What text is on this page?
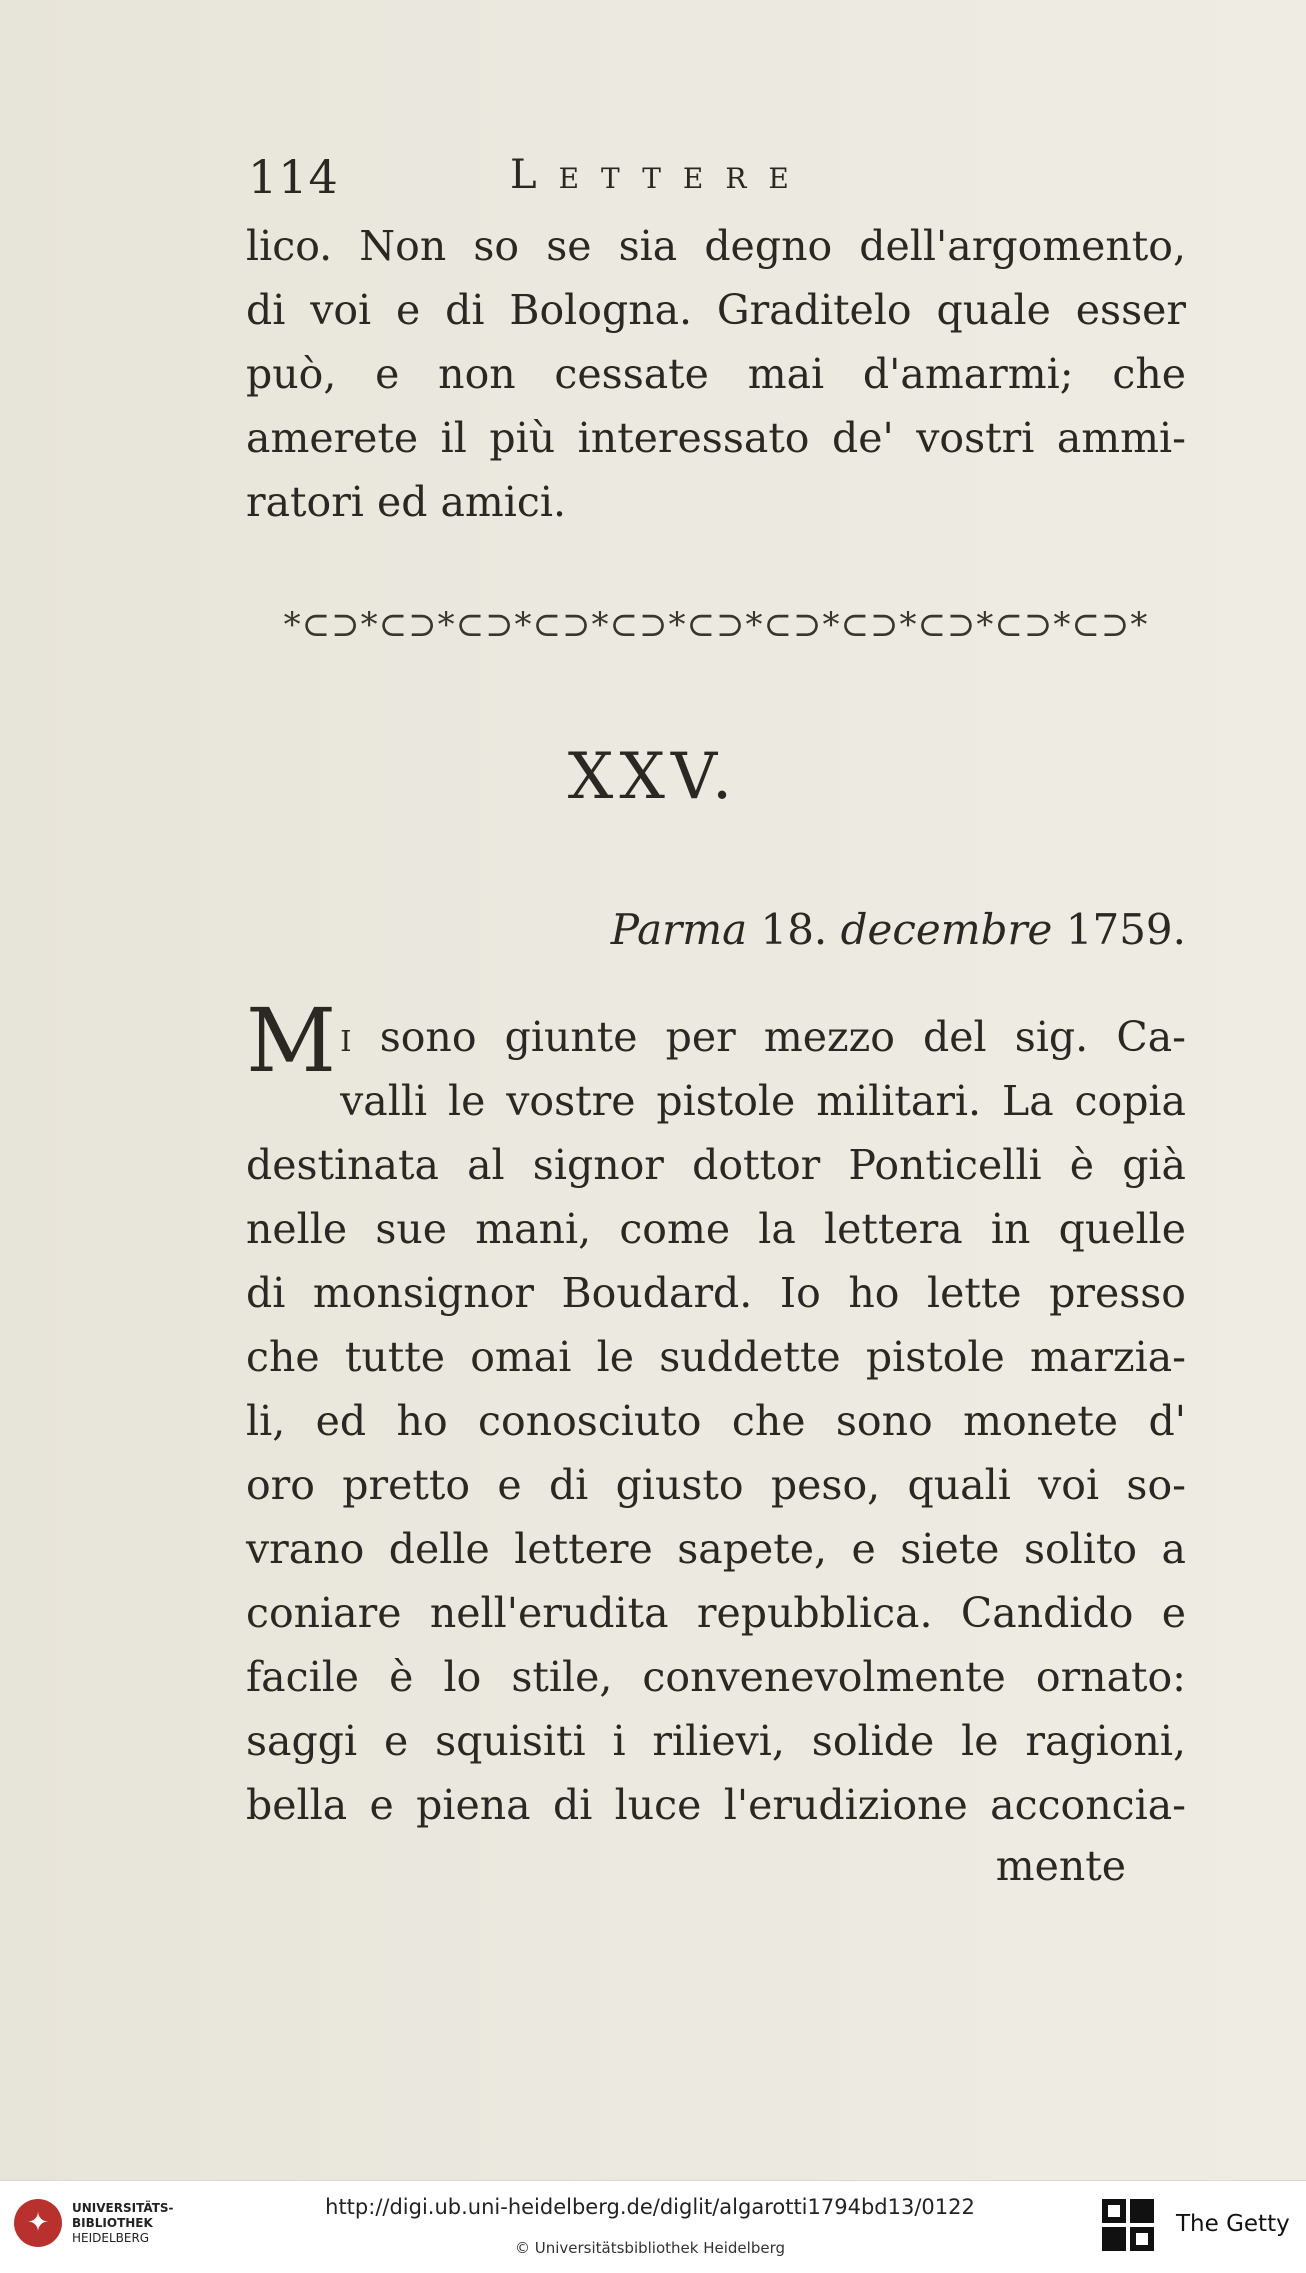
114	Lettere
lico. Non so se sia degno dell'argomento,
di voi e di Bologna. Graditelo quale esser
può, e non cessate mai d'amarmi; che
amerete il più interessato de' vostri ammi-
ratori ed amici.
*⊂⊃*⊂⊃*⊂⊃*⊂⊃*⊂⊃*⊂⊃*⊂⊃*⊂⊃*⊂⊃*⊂⊃*⊂⊃*
XXV.
Parma 18. decembre 1759.
Mi sono giunte per mezzo del sig. Ca-
valli le vostre pistole militari. La copia
destinata al signor dottor Ponticelli è già
nelle sue mani, come la lettera in quelle
di monsignor Boudard. Io ho lette presso
che tutte omai le suddette pistole marzia-
li, ed ho conosciuto che sono monete d'
oro pretto e di giusto peso, quali voi so-
vrano delle lettere sapete, e siete solito a
coniare nell'erudita repubblica. Candido e
facile è lo stile, convenevolmente ornato:
saggi e squisiti i rilievi, solide le ragioni,
bella e piena di luce l'erudizione acconcia-
mente
✦	UNIVERSITÄTS-
BIBLIOTHEK
HEIDELBERG
http://digi.ub.uni-heidelberg.de/diglit/algarotti1794bd13/0122
© Universitätsbibliothek Heidelberg
The Getty
